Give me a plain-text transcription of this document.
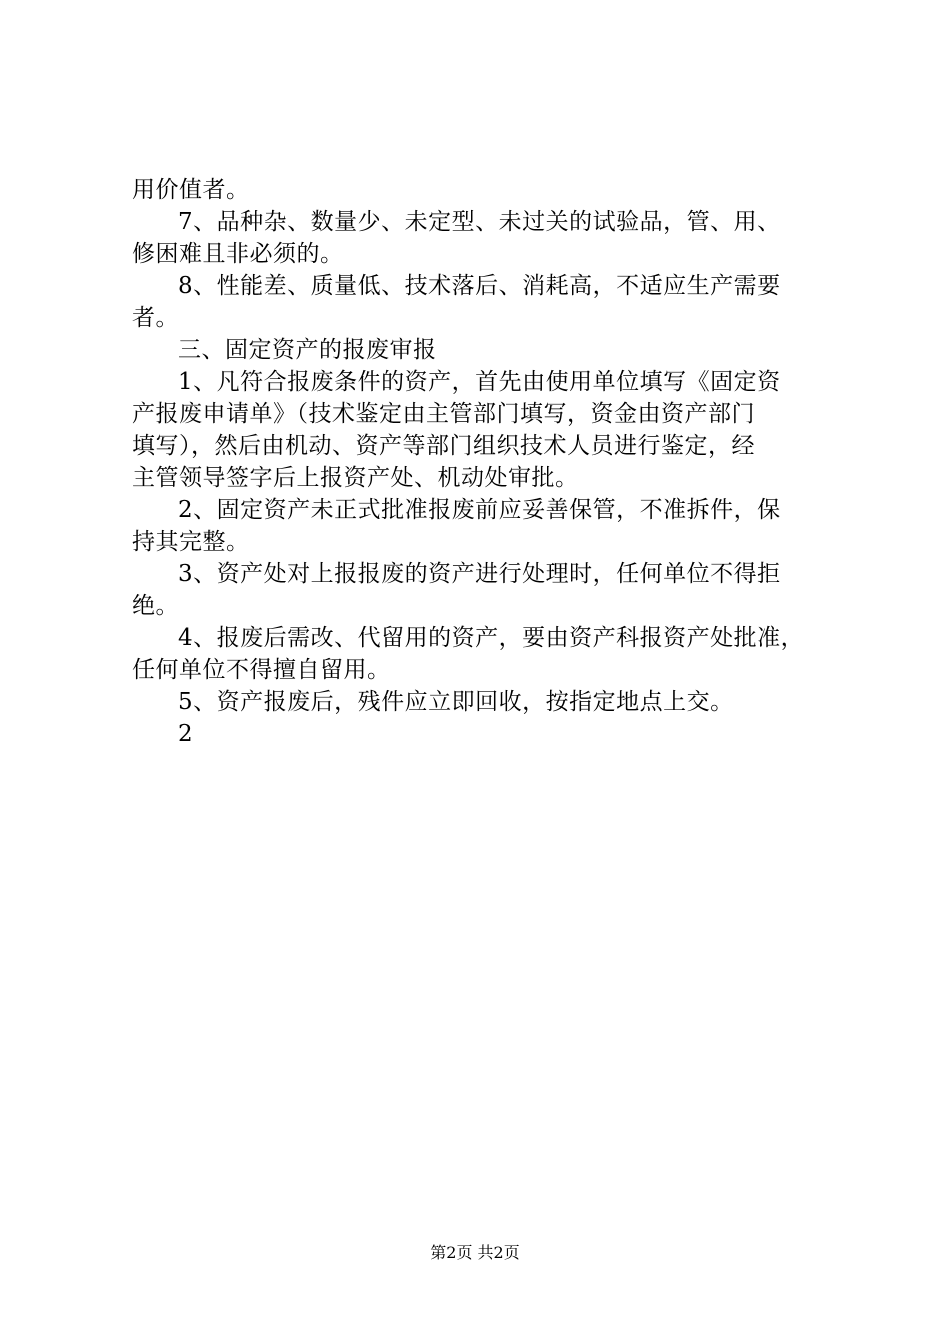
用价值者。
7、品种杂、数量少、未定型、未过关的试验品，管、用、
修困难且非必须的。
8、性能差、质量低、技术落后、消耗高，不适应生产需要
者。
三、固定资产的报废审报
1、凡符合报废条件的资产，首先由使用单位填写《固定资
产报废申请单》（技术鉴定由主管部门填写，资金由资产部门
填写），然后由机动、资产等部门组织技术人员进行鉴定，经
主管领导签字后上报资产处、机动处审批。
2、固定资产未正式批准报废前应妥善保管，不准拆件，保
持其完整。
3、资产处对上报报废的资产进行处理时，任何单位不得拒
绝。
4、报废后需改、代留用的资产，要由资产科报资产处批准，
任何单位不得擅自留用。
5、资产报废后，残件应立即回收，按指定地点上交。
2
第2页 共2页
